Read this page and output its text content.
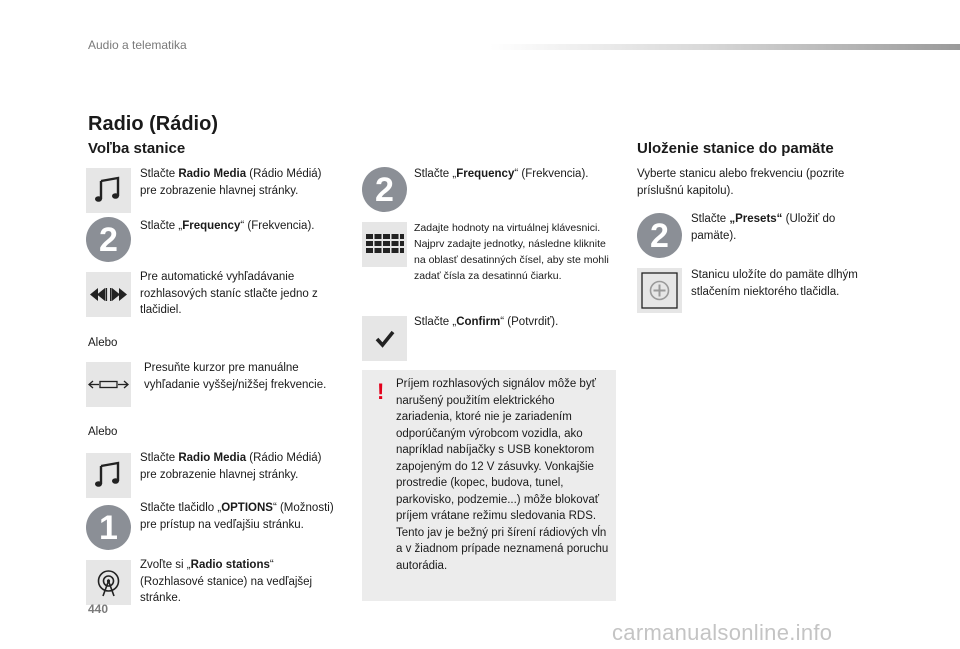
Audio a telematika
Radio (Rádio)
Voľba stanice
Stlačte Radio Media (Rádio Médiá) pre zobrazenie hlavnej stránky.
2	Stlačte „Frequency“ (Frekvencia).
Pre automatické vyhľadávanie rozhlasových staníc stlačte jedno z tlačidiel.
Alebo
Presuňte kurzor pre manuálne vyhľadanie vyššej/nižšej frekvencie.
Alebo
Stlačte Radio Media (Rádio Médiá) pre zobrazenie hlavnej stránky.
1
Stlačte tlačidlo „OPTIONS“ (Možnosti) pre prístup na vedľajšiu stránku.
Zvoľte si „Radio stations“ (Rozhlasové stanice) na vedľajšej stránke.
2	Stlačte „Frequency“ (Frekvencia).
Zadajte hodnoty na virtuálnej klávesnici. Najprv zadajte jednotky, následne kliknite na oblasť desatinných čísel, aby ste mohli zadať čísla za desatinnú čiarku.
Stlačte „Confirm“ (Potvrdiť).
! Príjem rozhlasových signálov môže byť narušený použitím elektrického zariadenia, ktoré nie je zariadením odporúčaným výrobcom vozidla, ako napríklad nabíjačky s USB konektorom zapojeným do 12 V zásuvky. Vonkajšie prostredie (kopec, budova, tunel, parkovisko, podzemie...) môže blokovať príjem vrátane režimu sledovania RDS. Tento jav je bežný pri šírení rádiových vĺn a v žiadnom prípade neznamená poruchu autorádia.
Uloženie stanice do pamäte
Vyberte stanicu alebo frekvenciu (pozrite príslušnú kapitolu).
2	Stlačte „Presets“ (Uložiť do pamäte).
Stanicu uložíte do pamäte dlhým stlačením niektorého tlačidla.
440
carmanualsonline.info
